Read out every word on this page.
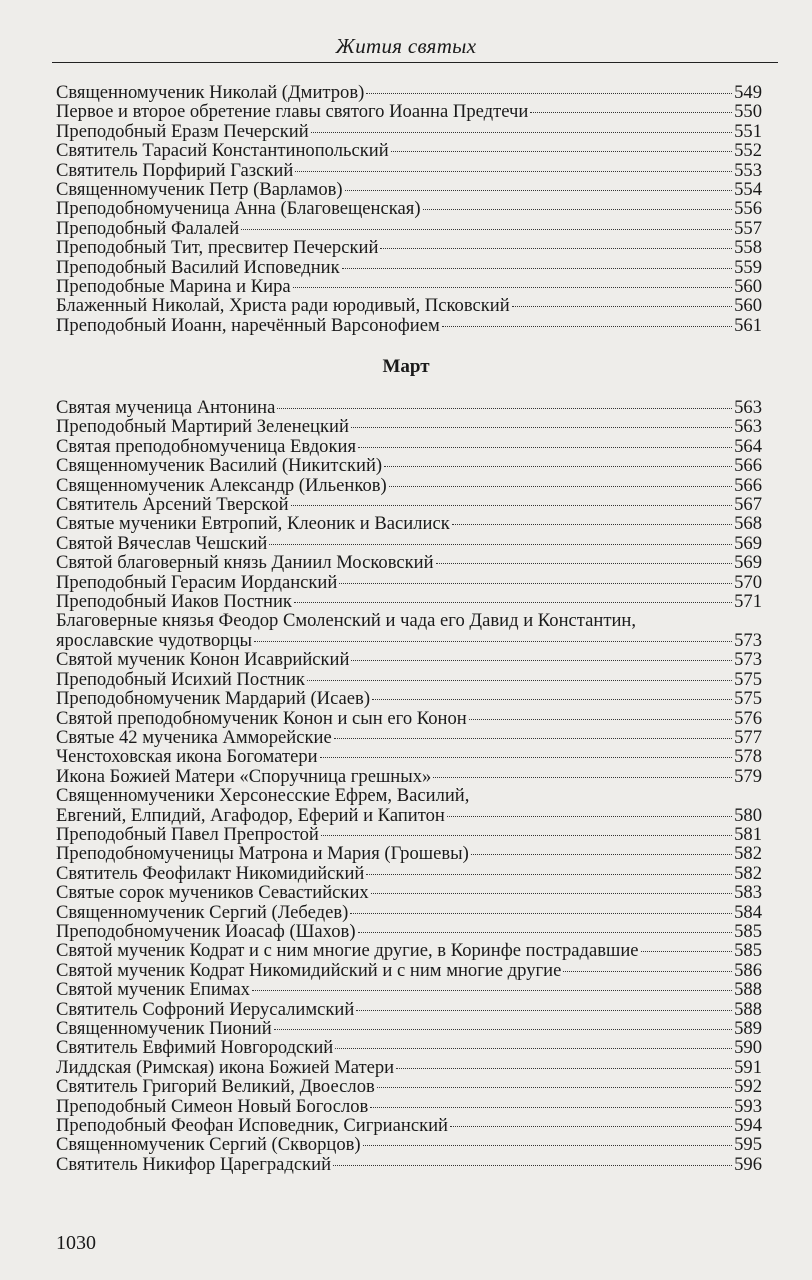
Жития святых
Священномученик Николай (Дмитров)	549
Первое и второе обретение главы святого Иоанна Предтечи	550
Преподобный Еразм Печерский	551
Святитель Тарасий Константинопольский	552
Святитель Порфирий Газский	553
Священномученик Петр (Варламов)	554
Преподобномученица Анна (Благовещенская)	556
Преподобный Фалалей	557
Преподобный Тит, пресвитер Печерский	558
Преподобный Василий Исповедник	559
Преподобные Марина и Кира	560
Блаженный Николай, Христа ради юродивый, Псковский	560
Преподобный Иоанн, наречённый Варсонофием	561
Март
Святая мученица Антонина	563
Преподобный Мартирий Зеленецкий	563
Святая преподобномученица Евдокия	564
Священномученик Василий (Никитский)	566
Священномученик Александр (Ильенков)	566
Святитель Арсений Тверской	567
Святые мученики Евтропий, Клеоник и Василиск	568
Святой Вячеслав Чешский	569
Святой благоверный князь Даниил Московский	569
Преподобный Герасим Иорданский	570
Преподобный Иаков Постник	571
Благоверные князья Феодор Смоленский и чада его Давид и Константин,
ярославские чудотворцы	573
Святой мученик Конон Исаврийский	573
Преподобный Исихий Постник	575
Преподобномученик Мардарий (Исаев)	575
Святой преподобномученик Конон и сын его Конон	576
Святые 42 мученика Амморейские	577
Ченстоховская икона Богоматери	578
Икона Божией Матери «Споручница грешных»	579
Священномученики Херсонесские Ефрем, Василий,
Евгений, Елпидий, Агафодор, Еферий и Капитон	580
Преподобный Павел Препростой	581
Преподобномученицы Матрона и Мария (Грошевы)	582
Святитель Феофилакт Никомидийский	582
Святые сорок мучеников Севастийских	583
Священномученик Сергий (Лебедев)	584
Преподобномученик Иоасаф (Шахов)	585
Святой мученик Кодрат и с ним многие другие, в Коринфе пострадавшие	585
Святой мученик Кодрат Никомидийский и с ним многие другие	586
Святой мученик Епимах	588
Святитель Софроний Иерусалимский	588
Священномученик Пионий	589
Святитель Евфимий Новгородский	590
Лиддская (Римская) икона Божией Матери	591
Святитель Григорий Великий, Двоеслов	592
Преподобный Симеон Новый Богослов	593
Преподобный Феофан Исповедник, Сигрианский	594
Священномученик Сергий (Скворцов)	595
Святитель Никифор Цареградский	596
1030
